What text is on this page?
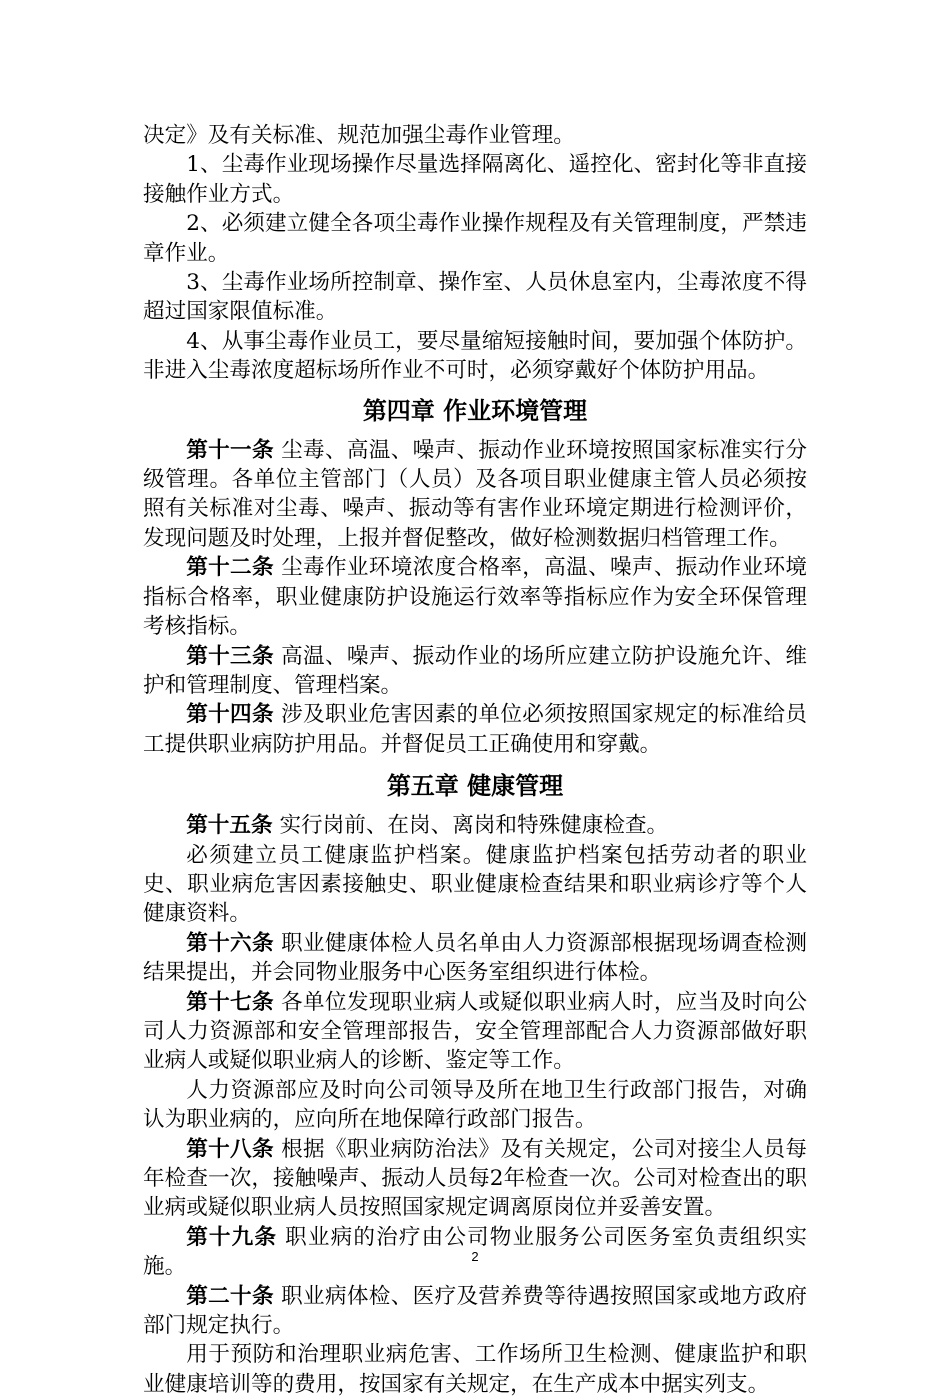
决定》及有关标准、规范加强尘毒作业管理。

1、尘毒作业现场操作尽量选择隔离化、遥控化、密封化等非直接接触作业方式。

2、必须建立健全各项尘毒作业操作规程及有关管理制度，严禁违章作业。

3、尘毒作业场所控制章、操作室、人员休息室内，尘毒浓度不得超过国家限值标准。

4、从事尘毒作业员工，要尽量缩短接触时间，要加强个体防护。非进入尘毒浓度超标场所作业不可时，必须穿戴好个体防护用品。

第四章 作业环境管理

第十一条 尘毒、高温、噪声、振动作业环境按照国家标准实行分级管理。各单位主管部门（人员）及各项目职业健康主管人员必须按照有关标准对尘毒、噪声、振动等有害作业环境定期进行检测评价，发现问题及时处理，上报并督促整改，做好检测数据归档管理工作。

第十二条 尘毒作业环境浓度合格率，高温、噪声、振动作业环境指标合格率，职业健康防护设施运行效率等指标应作为安全环保管理考核指标。

第十三条 高温、噪声、振动作业的场所应建立防护设施允许、维护和管理制度、管理档案。

第十四条 涉及职业危害因素的单位必须按照国家规定的标准给员工提供职业病防护用品。并督促员工正确使用和穿戴。

第五章 健康管理

第十五条 实行岗前、在岗、离岗和特殊健康检查。

必须建立员工健康监护档案。健康监护档案包括劳动者的职业史、职业病危害因素接触史、职业健康检查结果和职业病诊疗等个人健康资料。

第十六条 职业健康体检人员名单由人力资源部根据现场调查检测结果提出，并会同物业服务中心医务室组织进行体检。

第十七条 各单位发现职业病人或疑似职业病人时，应当及时向公司人力资源部和安全管理部报告，安全管理部配合人力资源部做好职业病人或疑似职业病人的诊断、鉴定等工作。

人力资源部应及时向公司领导及所在地卫生行政部门报告，对确认为职业病的，应向所在地保障行政部门报告。

第十八条 根据《职业病防治法》及有关规定，公司对接尘人员每年检查一次，接触噪声、振动人员每2年检查一次。公司对检查出的职业病或疑似职业病人员按照国家规定调离原岗位并妥善安置。

第十九条 职业病的治疗由公司物业服务公司医务室负责组织实施。

第二十条 职业病体检、医疗及营养费等待遇按照国家或地方政府部门规定执行。

用于预防和治理职业病危害、工作场所卫生检测、健康监护和职业健康培训等的费用，按国家有关规定，在生产成本中据实列支。

2
